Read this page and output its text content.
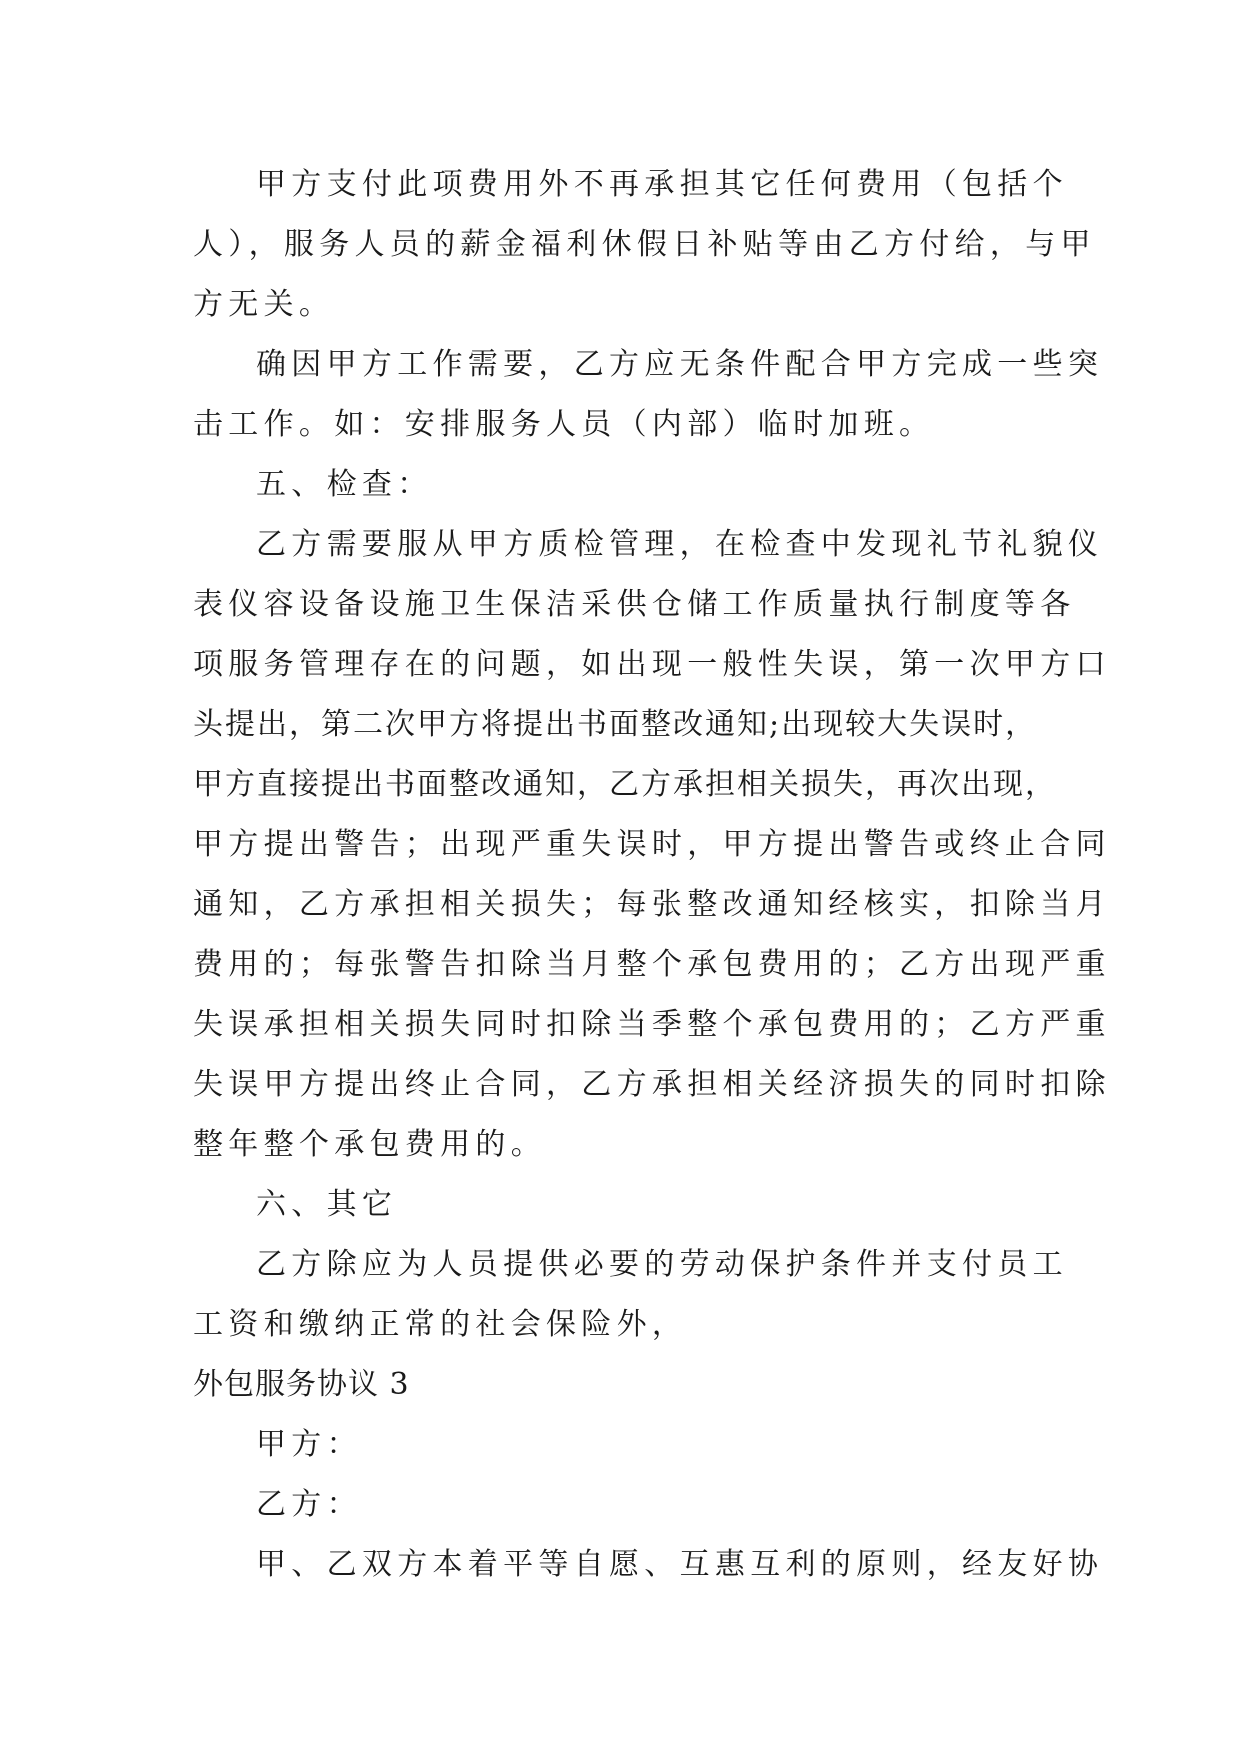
甲方支付此项费用外不再承担其它任何费用（包括个

人），服务人员的薪金福利休假日补贴等由乙方付给，与甲

方无关。

确因甲方工作需要，乙方应无条件配合甲方完成一些突

击工作。如：安排服务人员（内部）临时加班。

五、检查：

乙方需要服从甲方质检管理，在检查中发现礼节礼貌仪

表仪容设备设施卫生保洁采供仓储工作质量执行制度等各

项服务管理存在的问题，如出现一般性失误，第一次甲方口

头提出，第二次甲方将提出书面整改通知;出现较大失误时，

甲方直接提出书面整改通知，乙方承担相关损失，再次出现，

甲方提出警告；出现严重失误时，甲方提出警告或终止合同

通知，乙方承担相关损失；每张整改通知经核实，扣除当月

费用的；每张警告扣除当月整个承包费用的；乙方出现严重

失误承担相关损失同时扣除当季整个承包费用的；乙方严重

失误甲方提出终止合同，乙方承担相关经济损失的同时扣除

整年整个承包费用的。

六、其它

乙方除应为人员提供必要的劳动保护条件并支付员工

工资和缴纳正常的社会保险外，

外包服务协议 3

甲方：

乙方：

甲、乙双方本着平等自愿、互惠互利的原则，经友好协
